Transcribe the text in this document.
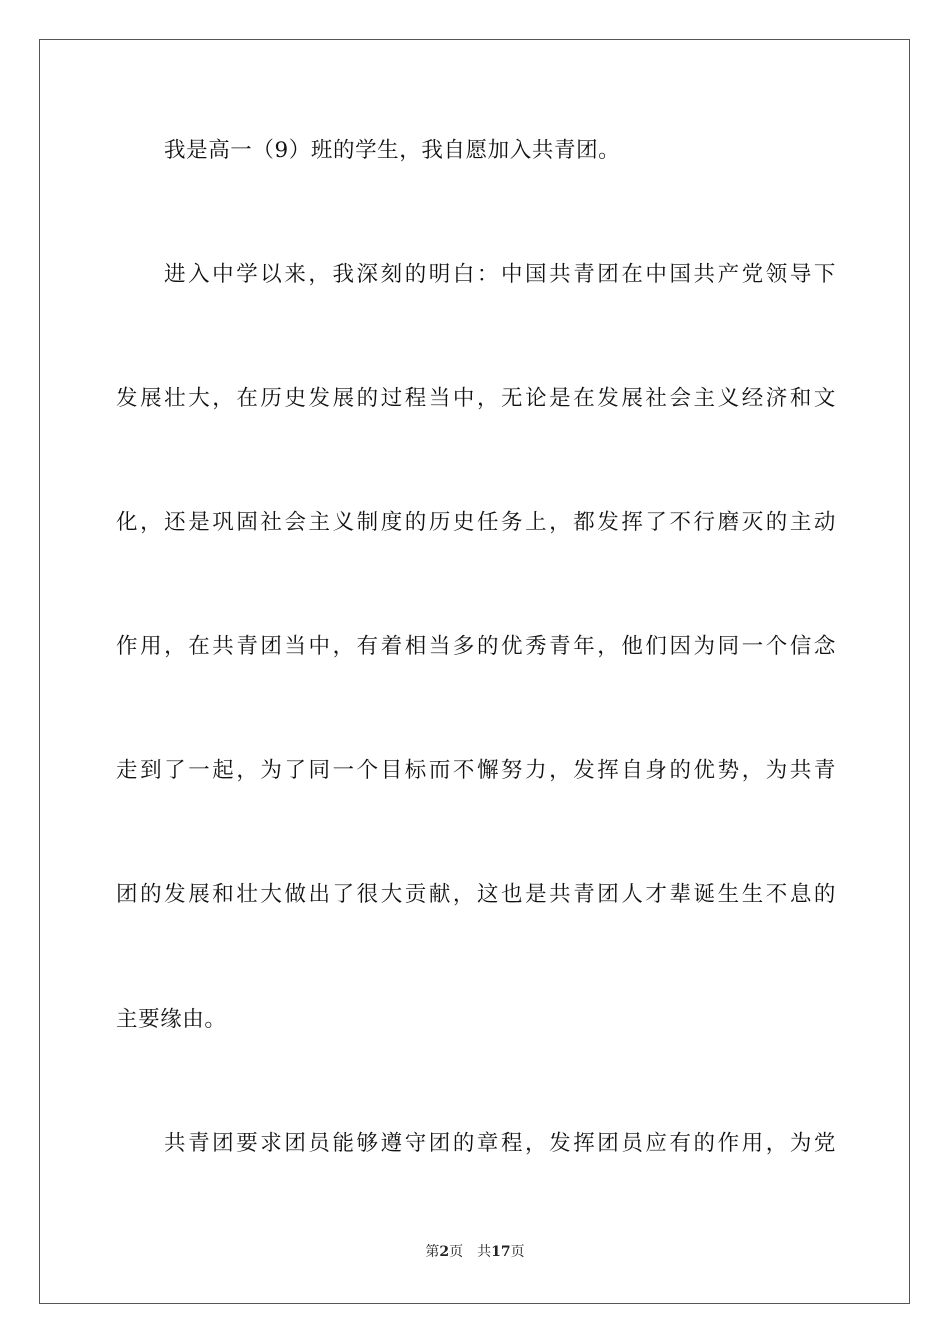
我是高一（9）班的学生，我自愿加入共青团。
进入中学以来，我深刻的明白：中国共青团在中国共产党领导下
发展壮大，在历史发展的过程当中，无论是在发展社会主义经济和文
化，还是巩固社会主义制度的历史任务上，都发挥了不行磨灭的主动
作用，在共青团当中，有着相当多的优秀青年，他们因为同一个信念
走到了一起，为了同一个目标而不懈努力，发挥自身的优势，为共青
团的发展和壮大做出了很大贡献，这也是共青团人才辈诞生生不息的
主要缘由。
共青团要求团员能够遵守团的章程，发挥团员应有的作用，为党
第2页 共17页
